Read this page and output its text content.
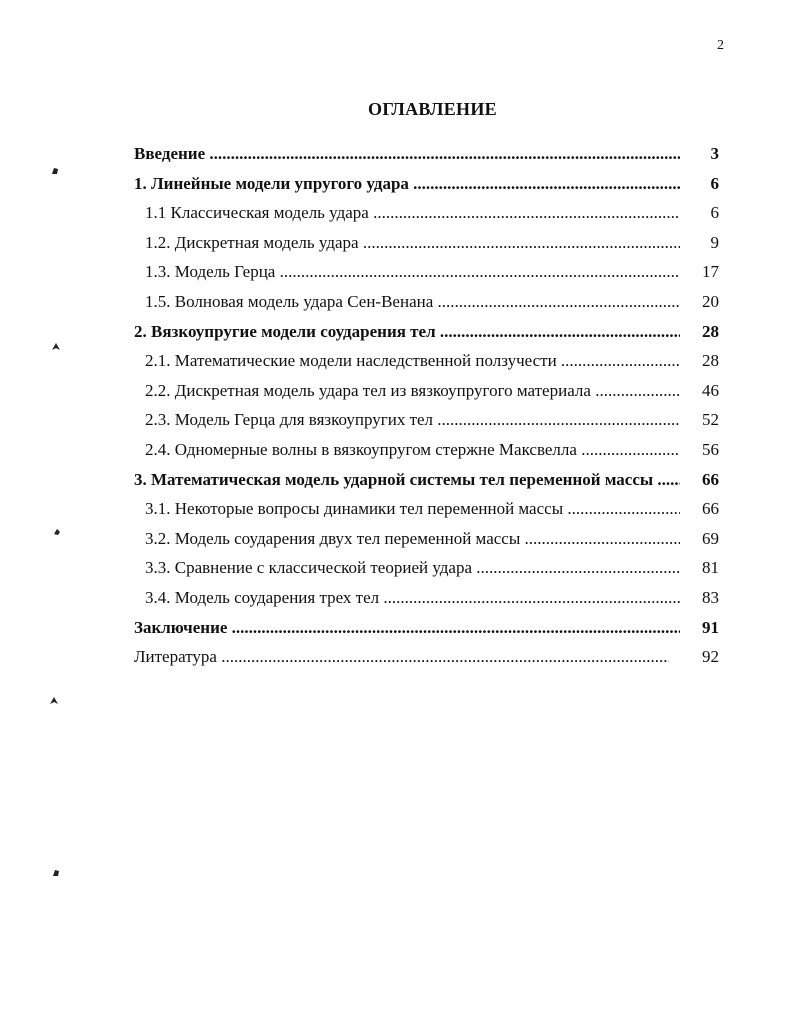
2
ОГЛАВЛЕНИЕ
Введение .....	3
1. Линейные модели упругого удара .....	6
1.1 Классическая модель удара .....	6
1.2. Дискретная модель удара .....	9
1.3. Модель Герца .....	17
1.5. Волновая модель удара Сен-Венана .....	20
2. Вязкоупругие модели соударения тел .....	28
2.1. Математические модели наследственной ползучести .....	28
2.2. Дискретная модель удара тел из вязкоупругого материала .....	46
2.3. Модель Герца для вязкоупругих тел .....	52
2.4. Одномерные волны в вязкоупругом стержне Максвелла .....	56
3. Математическая модель ударной системы тел переменной массы .....	66
3.1. Некоторые вопросы динамики тел переменной массы .....	66
3.2. Модель соударения двух тел переменной массы .....	69
3.3. Сравнение с классической теорией удара .....	81
3.4. Модель соударения трех тел .....	83
Заключение .....	91
Литература .....	92
